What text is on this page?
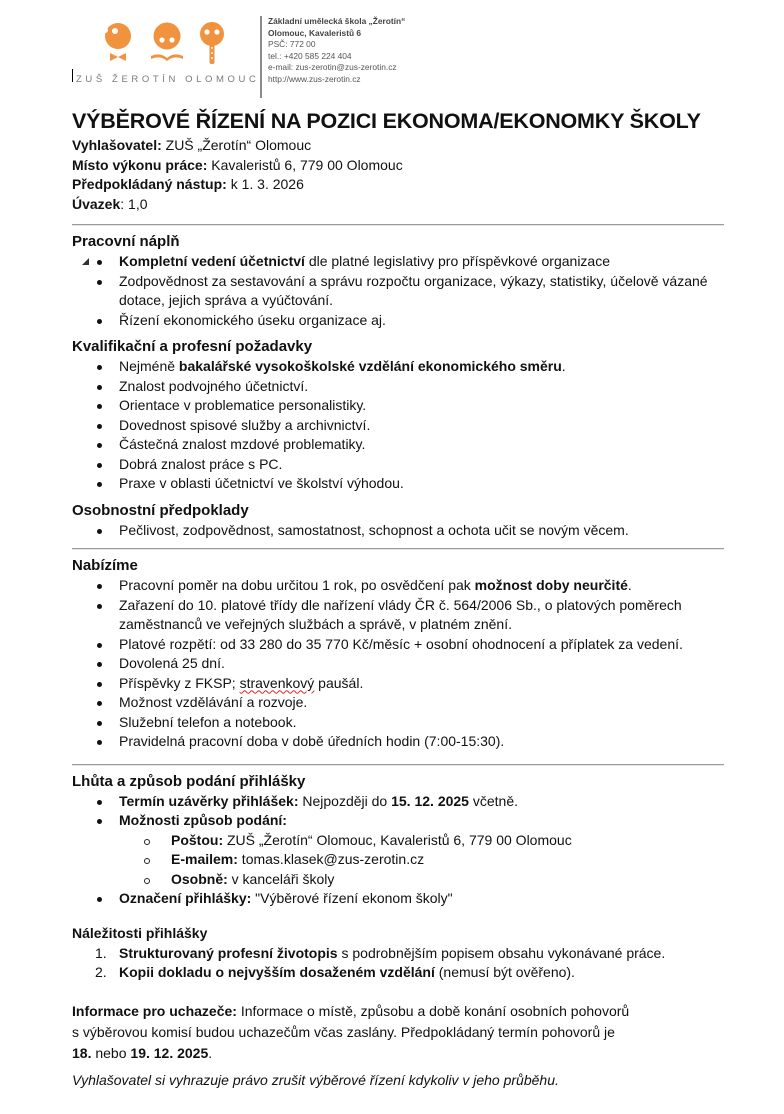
ZUŠ ŽEROTÍN OLOMOUC
Základní umělecká škola „Žerotín“
Olomouc, Kavaleristů 6
PSČ: 772 00
tel.: +420 585 224 404
e-mail: zus-zerotin@zus-zerotin.cz
http://www.zus-zerotin.cz
VÝBĚROVÉ ŘÍZENÍ NA POZICI EKONOMA/EKONOMKY ŠKOLY

Vyhlašovatel: ZUŠ „Žerotín“ Olomouc

Místo výkonu práce: Kavaleristů 6, 779 00 Olomouc

Předpokládaný nástup: k 1. 3. 2026

Úvazek: 1,0

Pracovní náplň
Kompletní vedení účetnictví dle platné legislativy pro příspěvkové organizace
Zodpovědnost za sestavování a správu rozpočtu organizace, výkazy, statistiky, účelově vázané
dotace, jejich správa a vyúčtování.
Řízení ekonomického úseku organizace aj.
Kvalifikační a profesní požadavky
Nejméně bakalářské vysokoškolské vzdělání ekonomického směru.
Znalost podvojného účetnictví.
Orientace v problematice personalistiky.
Dovednost spisové služby a archivnictví.
Částečná znalost mzdové problematiky.
Dobrá znalost práce s PC.
Praxe v oblasti účetnictví ve školství výhodou.
Osobnostní předpoklady
Pečlivost, zodpovědnost, samostatnost, schopnost a ochota učit se novým věcem.
Nabízíme
Pracovní poměr na dobu určitou 1 rok, po osvědčení pak možnost doby neurčité.
Zařazení do 10. platové třídy dle nařízení vlády ČR č. 564/2006 Sb., o platových poměrech
zaměstnanců ve veřejných službách a správě, v platném znění.
Platové rozpětí: od 33 280 do 35 770 Kč/měsíc + osobní ohodnocení a příplatek za vedení.
Dovolená 25 dní.
Příspěvky z FKSP; stravenkový paušál.
Možnost vzdělávání a rozvoje.
Služební telefon a notebook.
Pravidelná pracovní doba v době úředních hodin (7:00-15:30).
Lhůta a způsob podání přihlášky
Termín uzávěrky přihlášek: Nejpozději do 15. 12. 2025 včetně.
Možnosti způsob podání:
Poštou: ZUŠ „Žerotín“ Olomouc, Kavaleristů 6, 779 00 Olomouc
E-mailem: tomas.klasek@zus-zerotin.cz
Osobně: v kanceláři školy
Označení přihlášky: "Výběrové řízení ekonom školy"
Náležitosti přihlášky
1. Strukturovaný profesní životopis s podrobnějším popisem obsahu vykonávané práce.
2. Kopii dokladu o nejvyšším dosaženém vzdělání (nemusí být ověřeno).

Informace pro uchazeče: Informace o místě, způsobu a době konání osobních pohovorů
s výběrovou komisí budou uchazečům včas zaslány. Předpokládaný termín pohovorů je
18. nebo 19. 12. 2025.

Vyhlašovatel si vyhrazuje právo zrušit výběrové řízení kdykoliv v jeho průběhu.
